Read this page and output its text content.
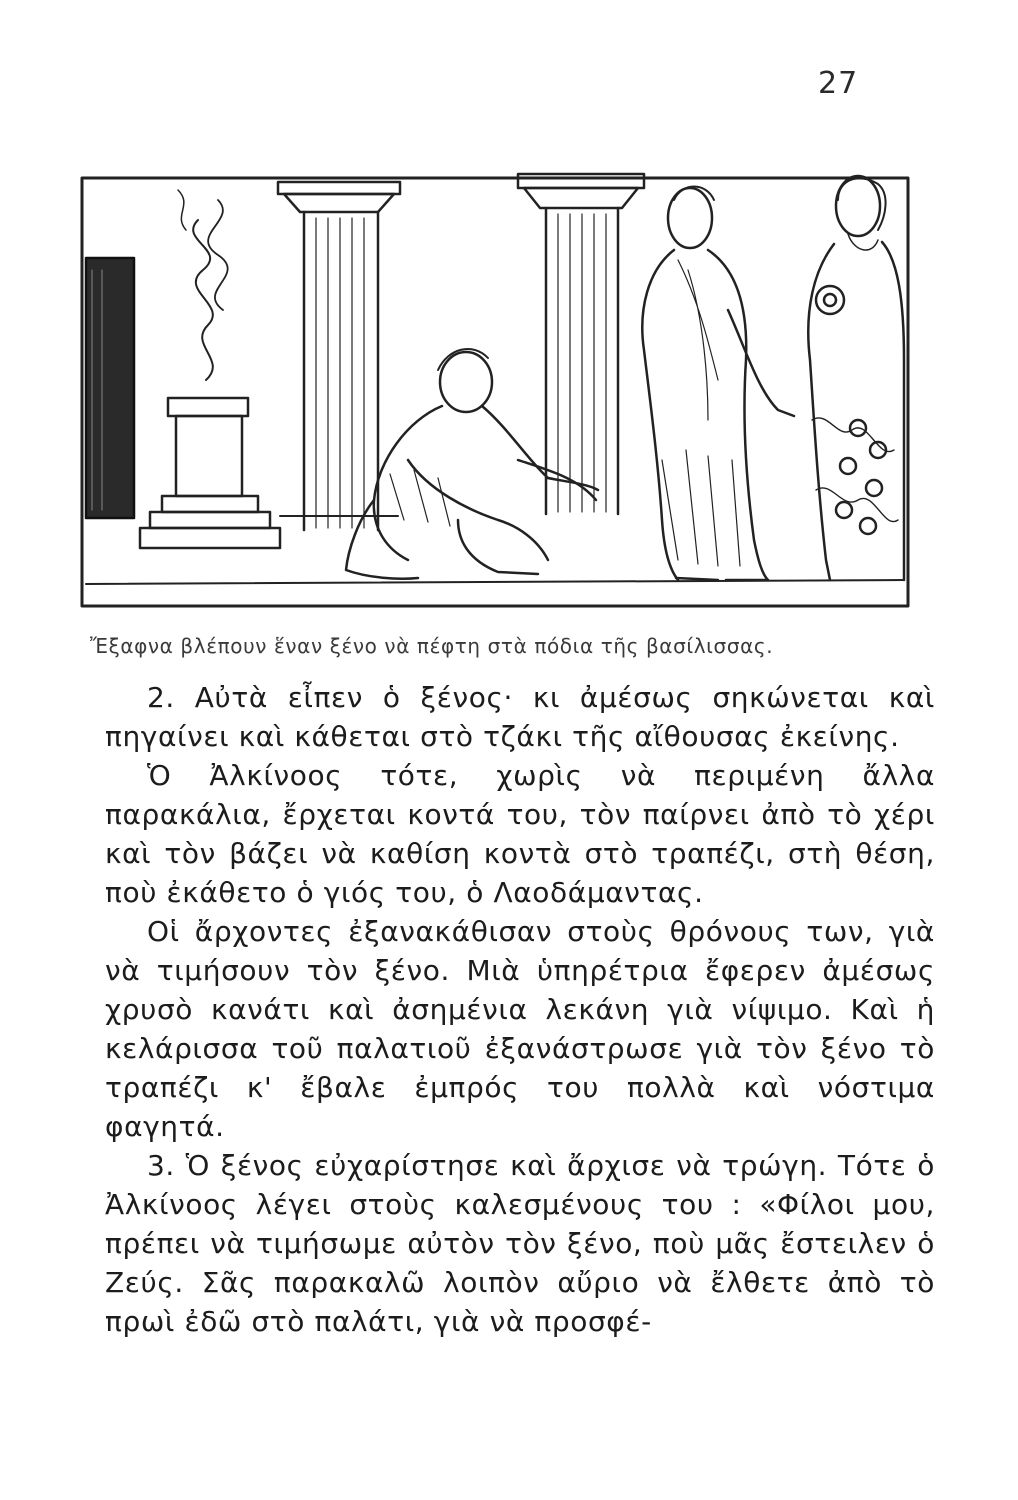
27
Ἔξαφνα βλέπουν ἕναν ξένο νὰ πέφτη στὰ πόδια τῆς βασίλισσας.

2. Αὐτὰ εἶπεν ὁ ξένος· κι ἀμέσως σηκώνεται καὶ πηγαίνει καὶ κάθεται στὸ τζάκι τῆς αἴθουσας ἐκείνης.

Ὁ Ἀλκίνοος τότε, χωρὶς νὰ περιμένη ἄλλα παρακάλια, ἔρχεται κοντά του, τὸν παίρνει ἀπὸ τὸ χέρι καὶ τὸν βάζει νὰ καθίση κοντὰ στὸ τραπέζι, στὴ θέση, ποὺ ἐκάθετο ὁ γιός του, ὁ Λαοδάμαντας.

Οἱ ἄρχοντες ἐξανακάθισαν στοὺς θρόνους των, γιὰ νὰ τιμήσουν τὸν ξένο. Μιὰ ὑπηρέτρια ἔφερεν ἀμέσως χρυσὸ κανάτι καὶ ἀσημένια λεκάνη γιὰ νίψιμο. Καὶ ἡ κελάρισσα τοῦ παλατιοῦ ἐξανάστρωσε γιὰ τὸν ξένο τὸ τραπέζι κ' ἔβαλε ἐμπρός του πολλὰ καὶ νόστιμα φαγητά.

3. Ὁ ξένος εὐχαρίστησε καὶ ἄρχισε νὰ τρώγη. Τότε ὁ Ἀλκίνοος λέγει στοὺς καλεσμένους του : «Φίλοι μου, πρέπει νὰ τιμήσωμε αὐτὸν τὸν ξένο, ποὺ μᾶς ἔστειλεν ὁ Ζεύς. Σᾶς παρακαλῶ λοιπὸν αὔριο νὰ ἔλθετε ἀπὸ τὸ πρωὶ ἐδῶ στὸ παλάτι, γιὰ νὰ προσφέ-
